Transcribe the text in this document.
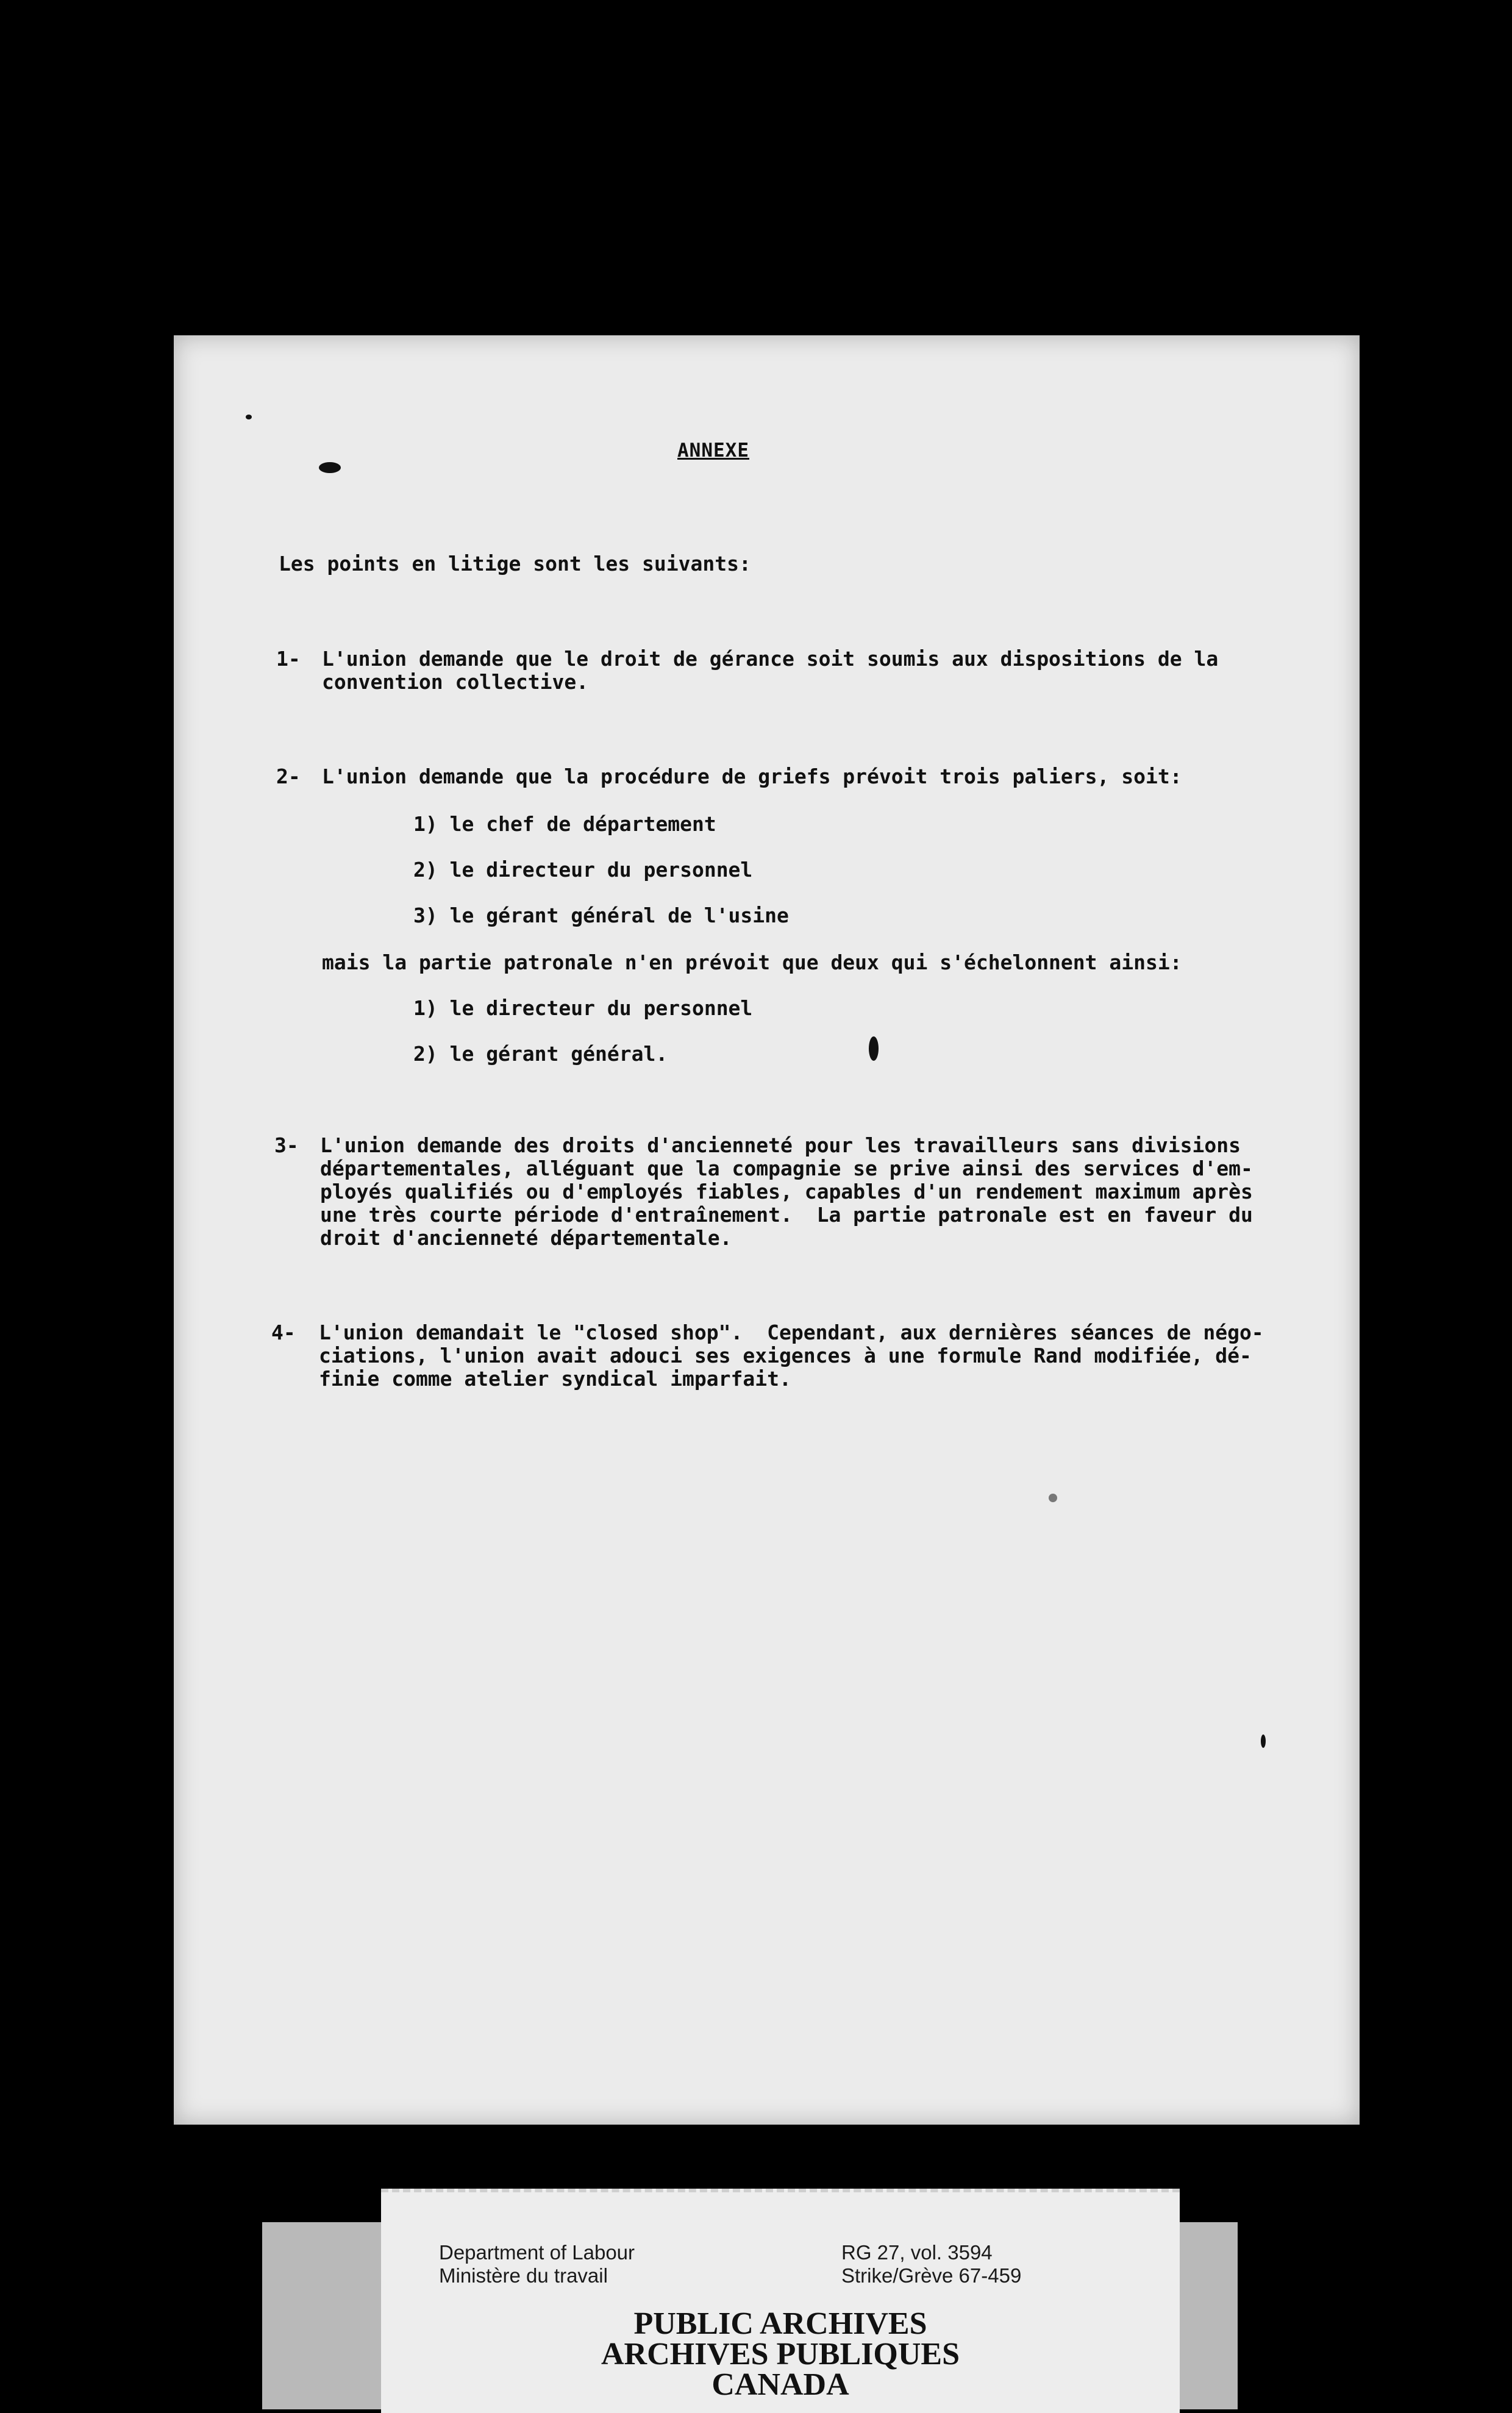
ANNEXE
Les points en litige sont les suivants:
1- L'union demande que le droit de gérance soit soumis aux dispositions de la
convention collective.
2- L'union demande que la procédure de griefs prévoit trois paliers, soit:
1) le chef de département
2) le directeur du personnel
3) le gérant général de l'usine
mais la partie patronale n'en prévoit que deux qui s'échelonnent ainsi:
1) le directeur du personnel
2) le gérant général.
3- L'union demande des droits d'ancienneté pour les travailleurs sans divisions
départementales, alléguant que la compagnie se prive ainsi des services d'em-
ployés qualifiés ou d'employés fiables, capables d'un rendement maximum après
une très courte période d'entraînement.  La partie patronale est en faveur du
droit d'ancienneté départementale.
4- L'union demandait le "closed shop".  Cependant, aux dernières séances de négo-
ciations, l'union avait adouci ses exigences à une formule Rand modifiée, dé-
finie comme atelier syndical imparfait.
Department of Labour
Ministère du travail
RG 27, vol. 3594
Strike/Grève 67-459
PUBLIC ARCHIVES
ARCHIVES PUBLIQUES
CANADA
